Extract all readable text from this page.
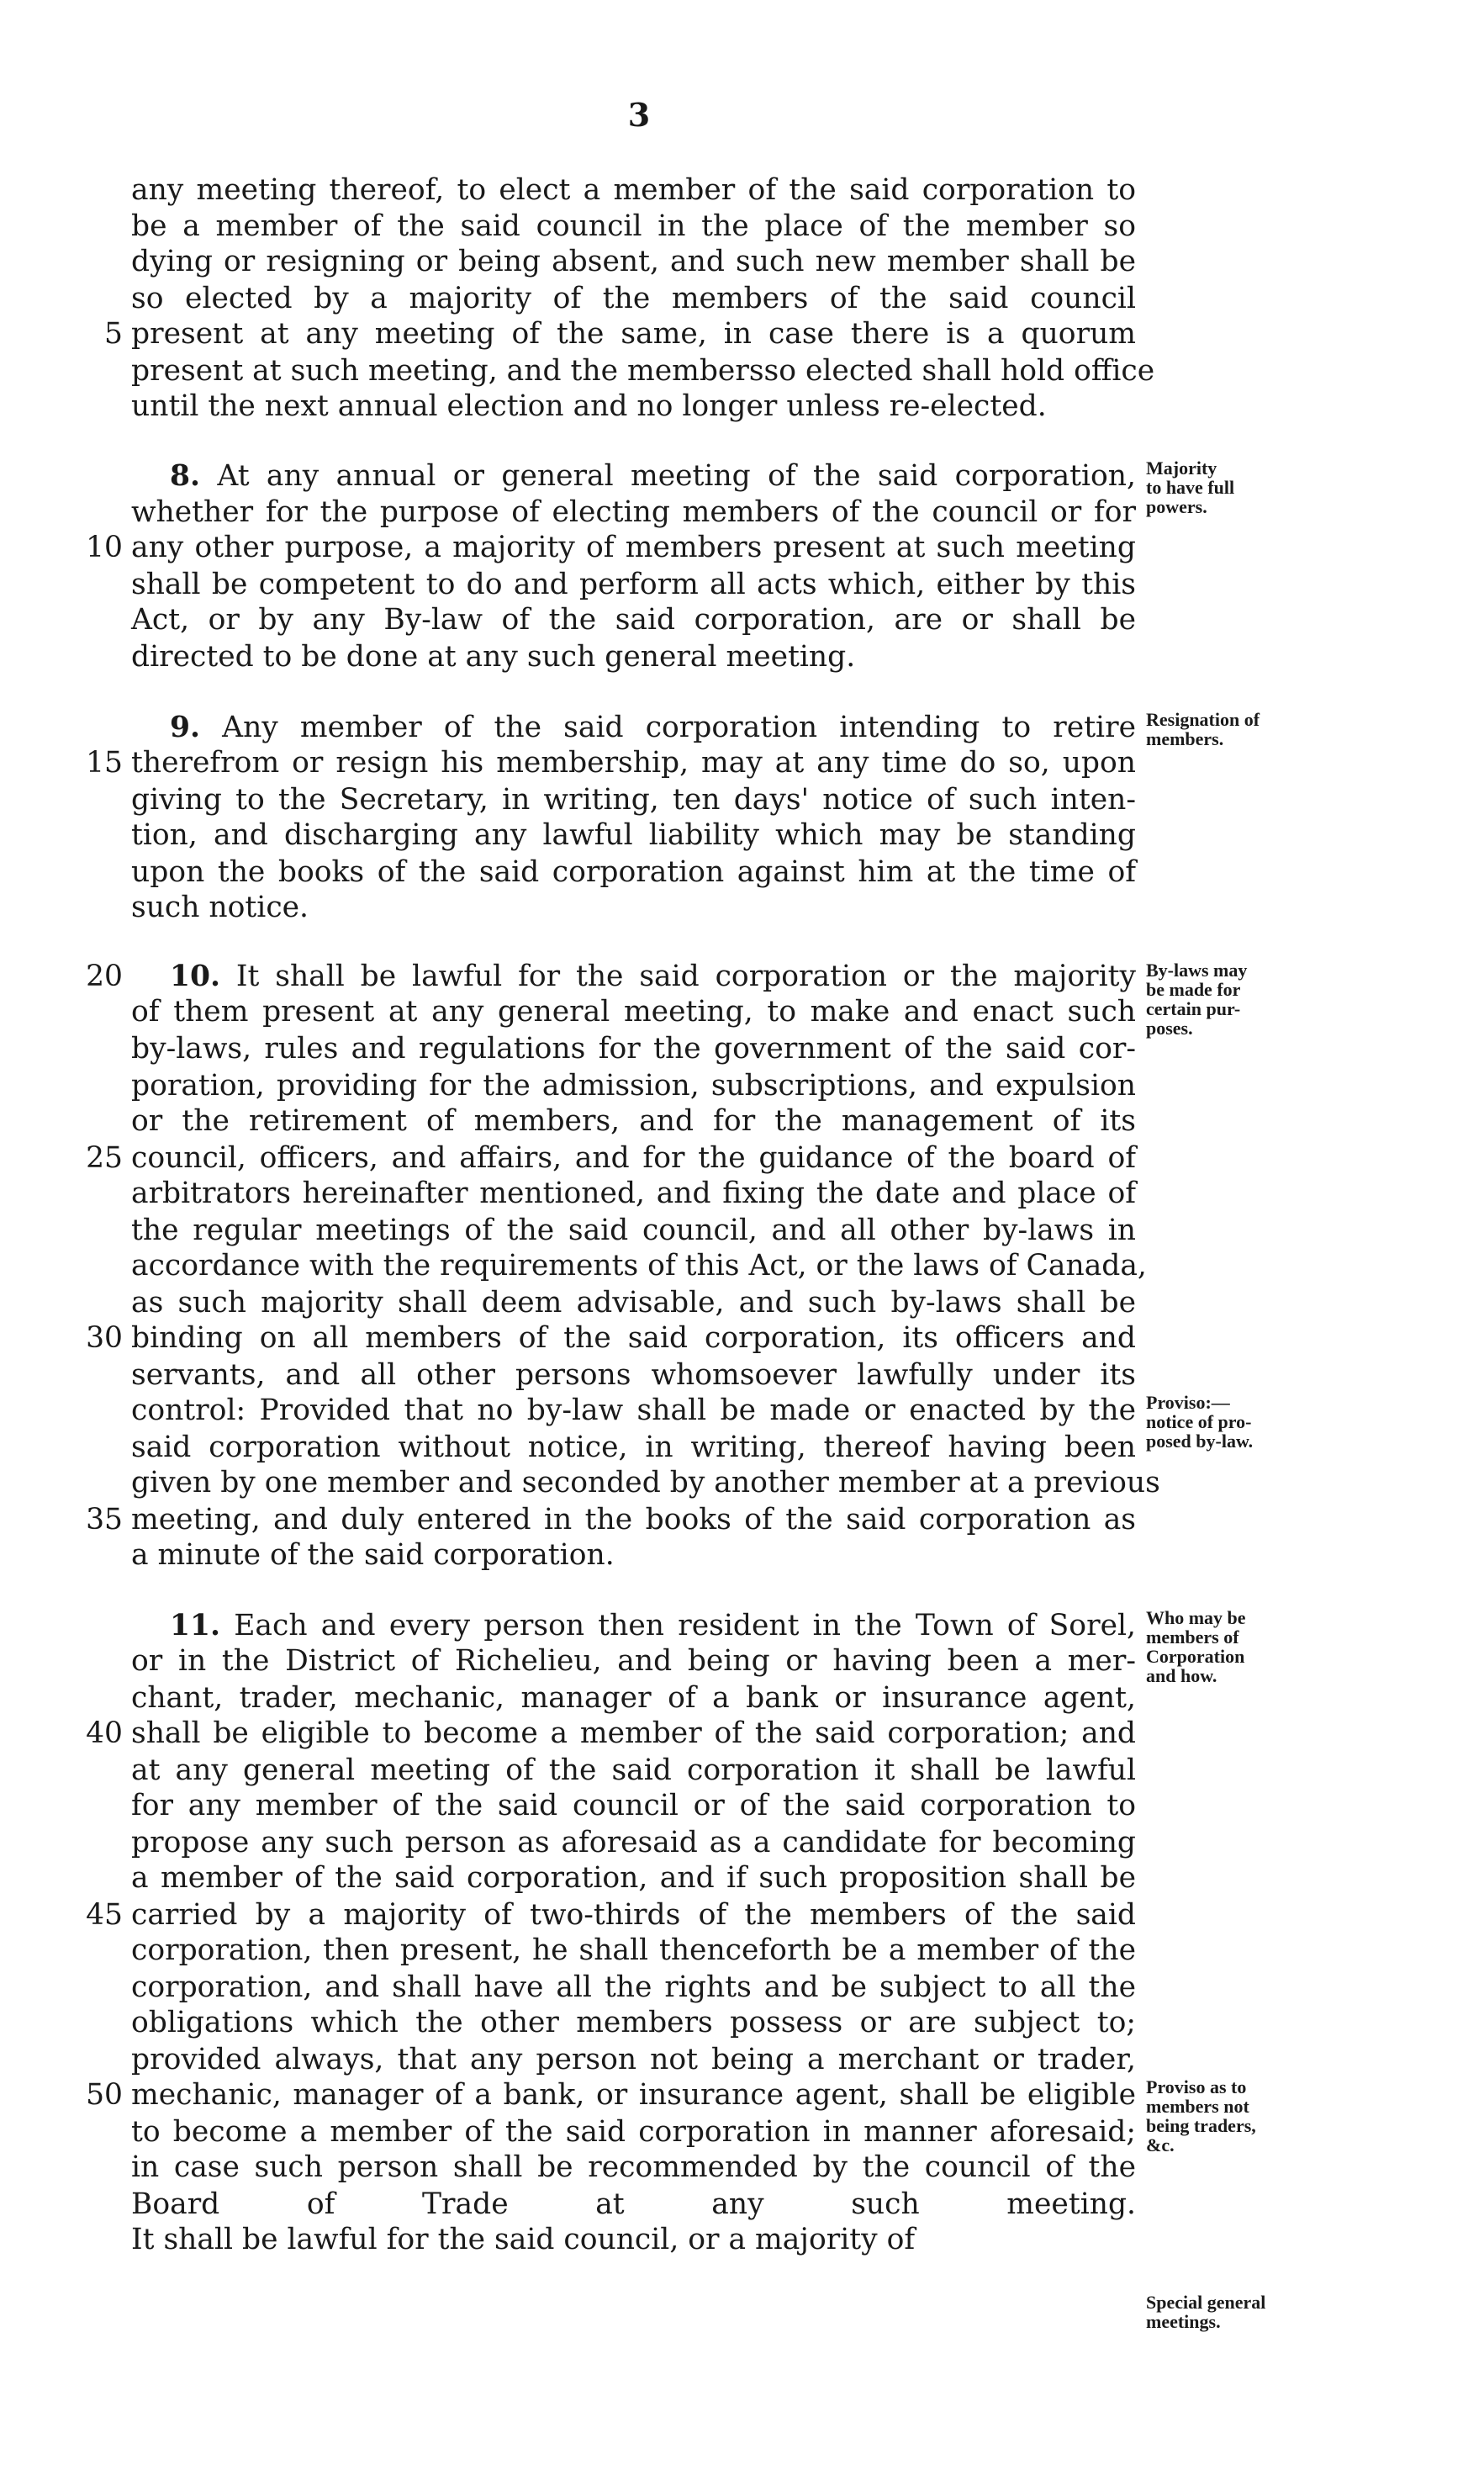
3
any meeting thereof, to elect a member of the said corporation to
be a member of the said council in the place of the member so
dying or resigning or being absent, and such new member shall be
so elected by a majority of the members of the said council
present at any meeting of the same, in case there is a quorum
present at such meeting, and the membersso elected shall hold office
until the next annual election and no longer unless re-elected.
8. At any annual or general meeting of the said corporation,
whether for the purpose of electing members of the council or for
any other purpose, a majority of members present at such meeting
shall be competent to do and perform all acts which, either by this
Act, or by any By-law of the said corporation, are or shall be
directed to be done at any such general meeting.
9. Any member of the said corporation intending to retire
therefrom or resign his membership, may at any time do so, upon
giving to the Secretary, in writing, ten days' notice of such inten-
tion, and discharging any lawful liability which may be standing
upon the books of the said corporation against him at the time of
such notice.
10. It shall be lawful for the said corporation or the majority
of them present at any general meeting, to make and enact such
by-laws, rules and regulations for the government of the said cor-
poration, providing for the admission, subscriptions, and expulsion
or the retirement of members, and for the management of its
council, officers, and affairs, and for the guidance of the board of
arbitrators hereinafter mentioned, and fixing the date and place of
the regular meetings of the said council, and all other by-laws in
accordance with the requirements of this Act, or the laws of Canada,
as such majority shall deem advisable, and such by-laws shall be
binding on all members of the said corporation, its officers and
servants, and all other persons whomsoever lawfully under its
control: Provided that no by-law shall be made or enacted by the
said corporation without notice, in writing, thereof having been
given by one member and seconded by another member at a previous
meeting, and duly entered in the books of the said corporation as
a minute of the said corporation.
11. Each and every person then resident in the Town of Sorel,
or in the District of Richelieu, and being or having been a mer-
chant, trader, mechanic, manager of a bank or insurance agent,
shall be eligible to become a member of the said corporation; and
at any general meeting of the said corporation it shall be lawful
for any member of the said council or of the said corporation to
propose any such person as aforesaid as a candidate for becoming
a member of the said corporation, and if such proposition shall be
carried by a majority of two-thirds of the members of the said
corporation, then present, he shall thenceforth be a member of the
corporation, and shall have all the rights and be subject to all the
obligations which the other members possess or are subject to;
provided always, that any person not being a merchant or trader,
mechanic, manager of a bank, or insurance agent, shall be eligible
to become a member of the said corporation in manner aforesaid;
in case such person shall be recommended by the council of the
Board of Trade at any such meeting.
It shall be lawful for the said council, or a majority of
5
10
15
20
25
30
35
40
45
50
Majority
to have full
powers.
Resignation of
members.
By-laws may
be made for
certain pur-
poses.
Proviso:—
notice of pro-
posed by-law.
Who may be
members of
Corporation
and how.
Proviso as to
members not
being traders,
&c.
Special general
meetings.
